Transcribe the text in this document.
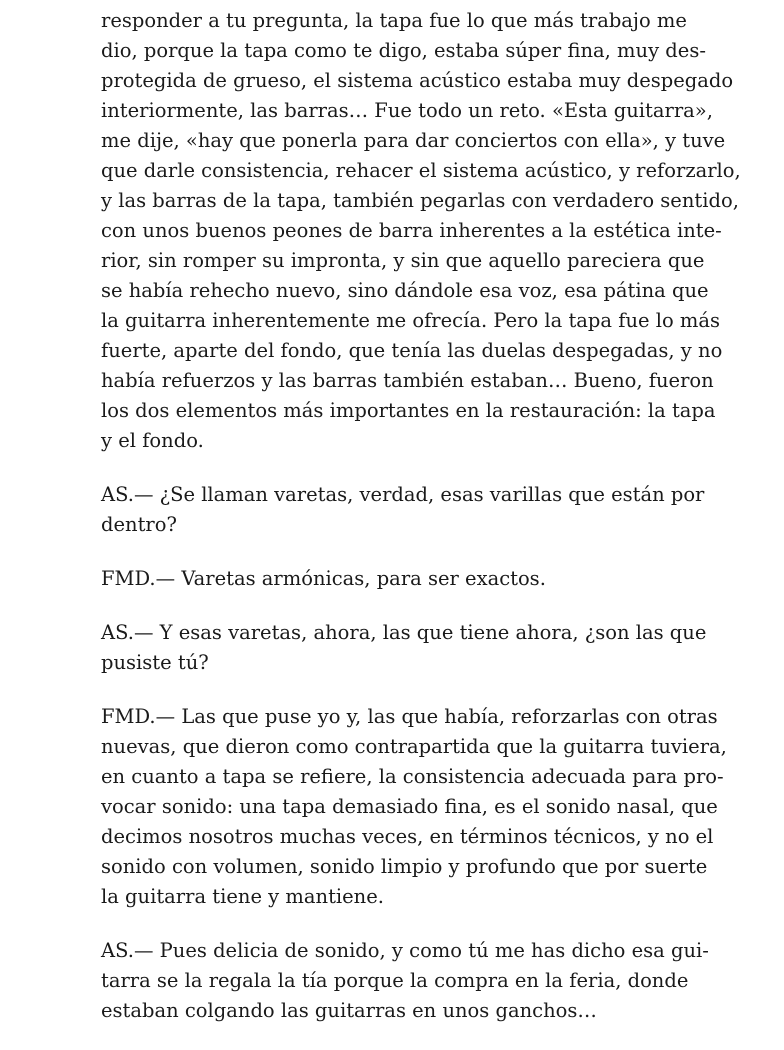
responder a tu pregunta, la tapa fue lo que más trabajo me
dio, porque la tapa como te digo, estaba súper fina, muy des-
protegida de grueso, el sistema acústico estaba muy despegado
interiormente, las barras… Fue todo un reto. «Esta guitarra»,
me dije, «hay que ponerla para dar conciertos con ella», y tuve
que darle consistencia, rehacer el sistema acústico, y reforzarlo,
y las barras de la tapa, también pegarlas con verdadero sentido,
con unos buenos peones de barra inherentes a la estética inte-
rior, sin romper su impronta, y sin que aquello pareciera que
se había rehecho nuevo, sino dándole esa voz, esa pátina que
la guitarra inherentemente me ofrecía. Pero la tapa fue lo más
fuerte, aparte del fondo, que tenía las duelas despegadas, y no
había refuerzos y las barras también estaban… Bueno, fueron
los dos elementos más importantes en la restauración: la tapa
y el fondo.
AS.— ¿Se llaman varetas, verdad, esas varillas que están por
dentro?
FMD.— Varetas armónicas, para ser exactos.
AS.— Y esas varetas, ahora, las que tiene ahora, ¿son las que
pusiste tú?
FMD.— Las que puse yo y, las que había, reforzarlas con otras
nuevas, que dieron como contrapartida que la guitarra tuviera,
en cuanto a tapa se refiere, la consistencia adecuada para pro-
vocar sonido: una tapa demasiado fina, es el sonido nasal, que
decimos nosotros muchas veces, en términos técnicos, y no el
sonido con volumen, sonido limpio y profundo que por suerte
la guitarra tiene y mantiene.
AS.— Pues delicia de sonido, y como tú me has dicho esa gui-
tarra se la regala la tía porque la compra en la feria, donde
estaban colgando las guitarras en unos ganchos…
